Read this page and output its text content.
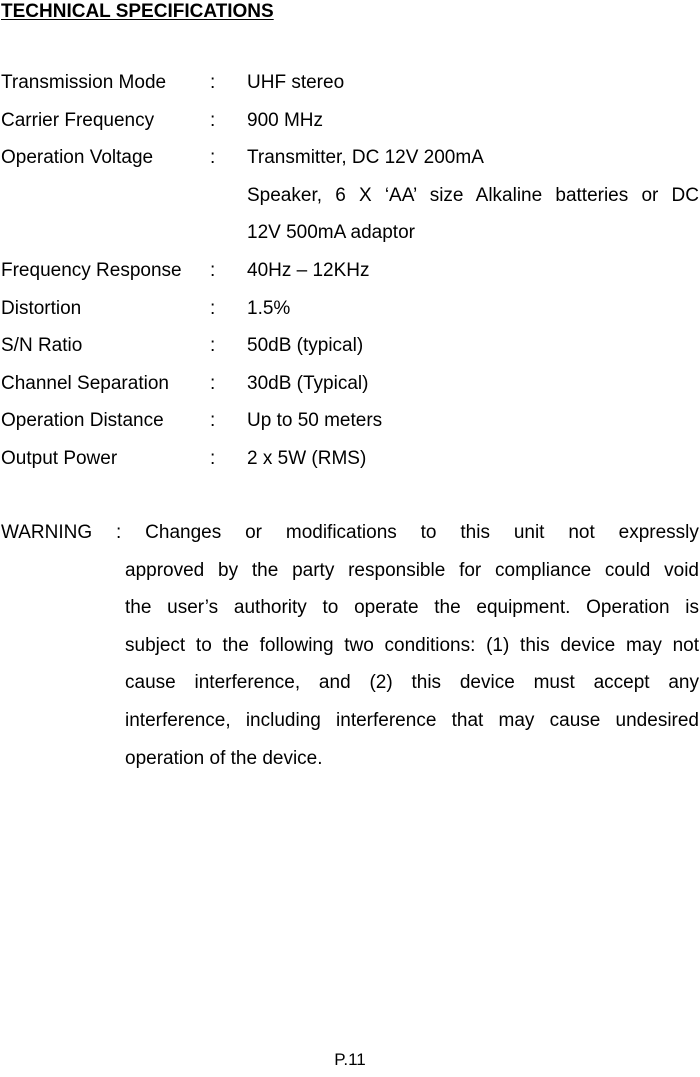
TECHNICAL SPECIFICATIONS
Transmission Mode : UHF stereo
Carrier Frequency	: 900 MHz
Operation Voltage	: Transmitter, DC 12V 200mA
Speaker, 6 X ‘AA’ size Alkaline batteries or DC
12V 500mA adaptor
Frequency Response : 40Hz – 12KHz
Distortion	: 1.5%
S/N Ratio	: 50dB (typical)
Channel Separation : 30dB (Typical)
Operation Distance : Up to 50 meters
Output Power	: 2 x 5W (RMS)
WARNING : Changes or modifications to this unit not expressly
approved by the party responsible for compliance could void
the user’s authority to operate the equipment. Operation is
subject to the following two conditions: (1) this device may not
cause interference, and (2) this device must accept any
interference, including interference that may cause undesired
operation of the device.
P.11
